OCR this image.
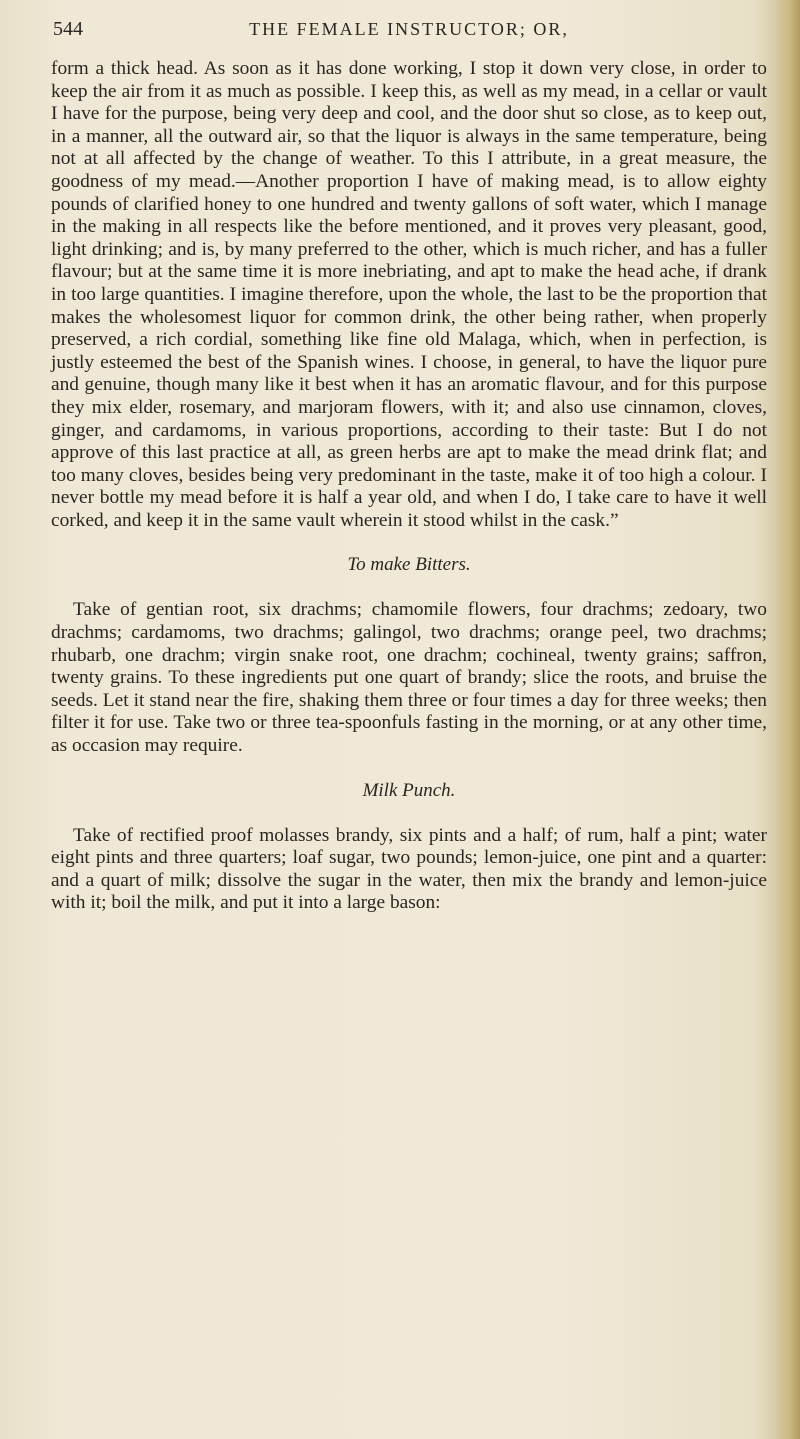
544	THE FEMALE INSTRUCTOR; OR,

form a thick head. As soon as it has done working, I stop it down very close, in order to keep the air from it as much as possible. I keep this, as well as my mead, in a cellar or vault I have for the purpose, being very deep and cool, and the door shut so close, as to keep out, in a manner, all the outward air, so that the liquor is always in the same temperature, being not at all affected by the change of weather. To this I attribute, in a great measure, the goodness of my mead.—Another proportion I have of making mead, is to allow eighty pounds of clarified honey to one hundred and twenty gallons of soft water, which I manage in the making in all respects like the before mentioned, and it proves very pleasant, good, light drinking; and is, by many preferred to the other, which is much richer, and has a fuller flavour; but at the same time it is more inebriating, and apt to make the head ache, if drank in too large quantities. I imagine therefore, upon the whole, the last to be the proportion that makes the wholesomest liquor for common drink, the other being rather, when properly preserved, a rich cordial, something like fine old Malaga, which, when in perfection, is justly esteemed the best of the Spanish wines. I choose, in general, to have the liquor pure and genuine, though many like it best when it has an aromatic flavour, and for this purpose they mix elder, rosemary, and marjoram flowers, with it; and also use cinnamon, cloves, ginger, and cardamoms, in various proportions, according to their taste: But I do not approve of this last practice at all, as green herbs are apt to make the mead drink flat; and too many cloves, besides being very predominant in the taste, make it of too high a colour. I never bottle my mead before it is half a year old, and when I do, I take care to have it well corked, and keep it in the same vault wherein it stood whilst in the cask.”

To make Bitters.

Take of gentian root, six drachms; chamomile flowers, four drachms; zedoary, two drachms; cardamoms, two drachms; galingol, two drachms; orange peel, two drachms; rhubarb, one drachm; virgin snake root, one drachm; cochineal, twenty grains; saffron, twenty grains. To these ingredients put one quart of brandy; slice the roots, and bruise the seeds. Let it stand near the fire, shaking them three or four times a day for three weeks; then filter it for use. Take two or three tea-spoonfuls fasting in the morning, or at any other time, as occasion may require.

Milk Punch.

Take of rectified proof molasses brandy, six pints and a half; of rum, half a pint; water eight pints and three quarters; loaf sugar, two pounds; lemon-juice, one pint and a quarter: and a quart of milk; dissolve the sugar in the water, then mix the brandy and lemon-juice with it; boil the milk, and put it into a large bason:
